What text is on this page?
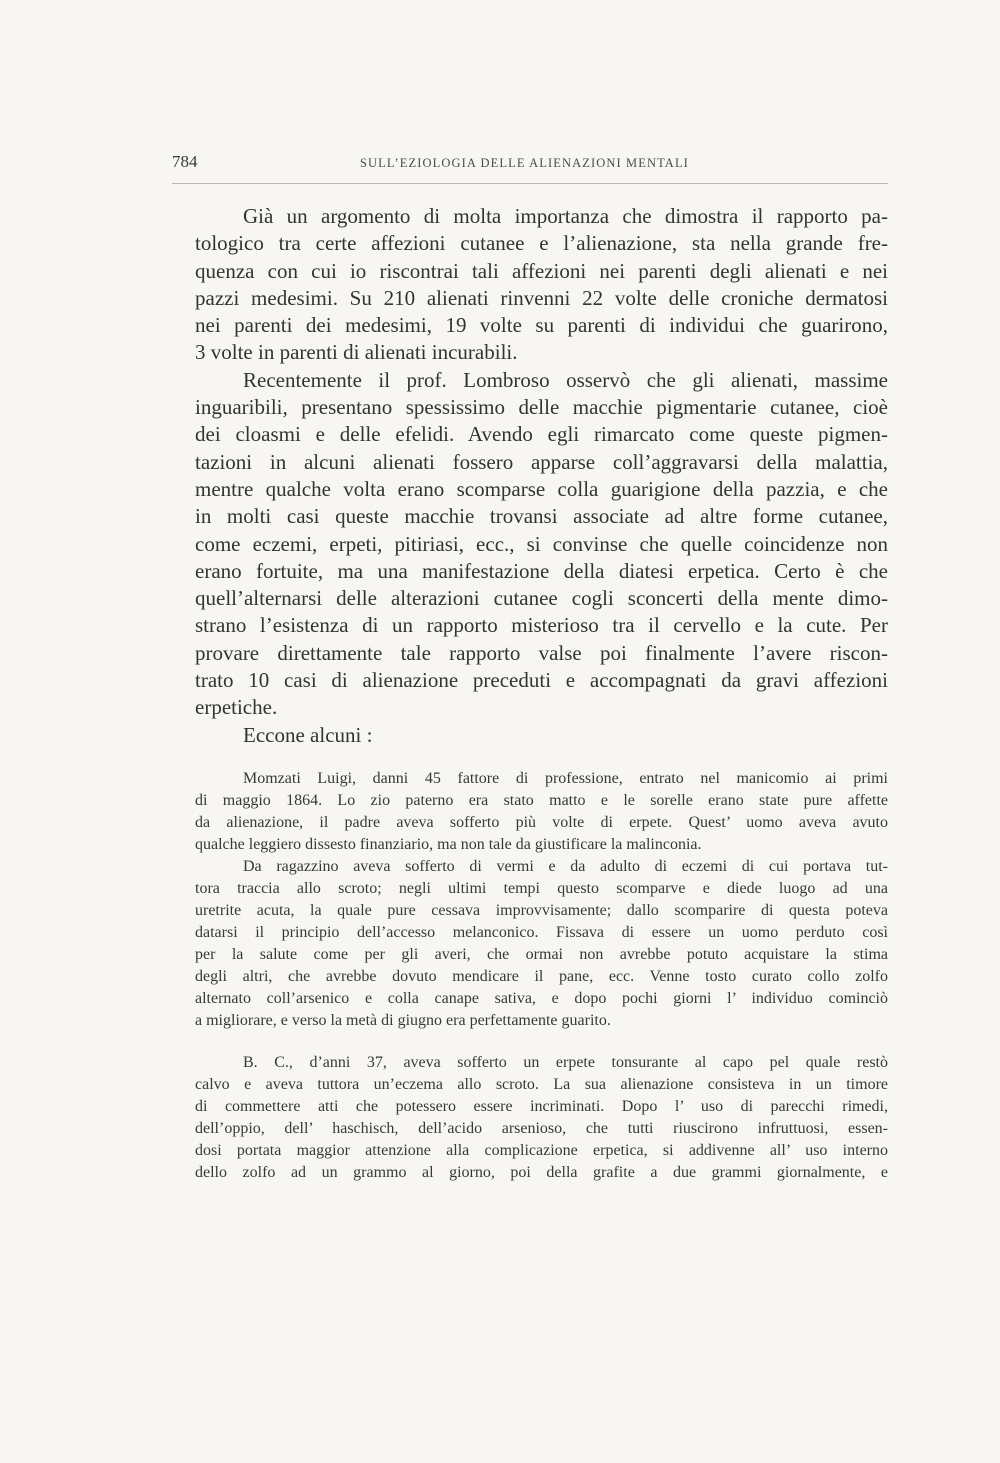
784	SULL’EZIOLOGIA DELLE ALIENAZIONI MENTALI
Già un argomento di molta importanza che dimostra il rapporto pa-
tologico tra certe affezioni cutanee e l’alienazione, sta nella grande fre-
quenza con cui io riscontrai tali affezioni nei parenti degli alienati e nei
pazzi medesimi. Su 210 alienati rinvenni 22 volte delle croniche dermatosi
nei parenti dei medesimi, 19 volte su parenti di individui che guarirono,
3 volte in parenti di alienati incurabili.
Recentemente il prof. Lombroso osservò che gli alienati, massime
inguaribili, presentano spessissimo delle macchie pigmentarie cutanee, cioè
dei cloasmi e delle efelidi. Avendo egli rimarcato come queste pigmen-
tazioni in alcuni alienati fossero apparse coll’aggravarsi della malattia,
mentre qualche volta erano scomparse colla guarigione della pazzia, e che
in molti casi queste macchie trovansi associate ad altre forme cutanee,
come eczemi, erpeti, pitiriasi, ecc., si convinse che quelle coincidenze non
erano fortuite, ma una manifestazione della diatesi erpetica. Certo è che
quell’alternarsi delle alterazioni cutanee cogli sconcerti della mente dimo-
strano l’esistenza di un rapporto misterioso tra il cervello e la cute. Per
provare direttamente tale rapporto valse poi finalmente l’avere riscon-
trato 10 casi di alienazione preceduti e accompagnati da gravi affezioni
erpetiche.
Eccone alcuni :
Momzati Luigi, danni 45 fattore di professione, entrato nel manicomio ai primi
di maggio 1864. Lo zio paterno era stato matto e le sorelle erano state pure affette
da alienazione, il padre aveva sofferto più volte di erpete. Quest’ uomo aveva avuto
qualche leggiero dissesto finanziario, ma non tale da giustificare la malinconia.
Da ragazzino aveva sofferto di vermi e da adulto di eczemi di cui portava tut-
tora traccia allo scroto; negli ultimi tempi questo scomparve e diede luogo ad una
uretrite acuta, la quale pure cessava improvvisamente; dallo scomparire di questa poteva
datarsi il principio dell’accesso melanconico. Fissava di essere un uomo perduto così
per la salute come per gli averi, che ormai non avrebbe potuto acquistare la stima
degli altri, che avrebbe dovuto mendicare il pane, ecc. Venne tosto curato collo zolfo
alternato coll’arsenico e colla canape sativa, e dopo pochi giorni l’ individuo cominciò
a migliorare, e verso la metà di giugno era perfettamente guarito.
B. C., d’anni 37, aveva sofferto un erpete tonsurante al capo pel quale restò
calvo e aveva tuttora un’eczema allo scroto. La sua alienazione consisteva in un timore
di commettere atti che potessero essere incriminati. Dopo l’ uso di parecchi rimedi,
dell’oppio, dell’ haschisch, dell’acido arsenioso, che tutti riuscirono infruttuosi, essen-
dosi portata maggior attenzione alla complicazione erpetica, si addivenne all’ uso interno
dello zolfo ad un grammo al giorno, poi della grafite a due grammi giornalmente, e
